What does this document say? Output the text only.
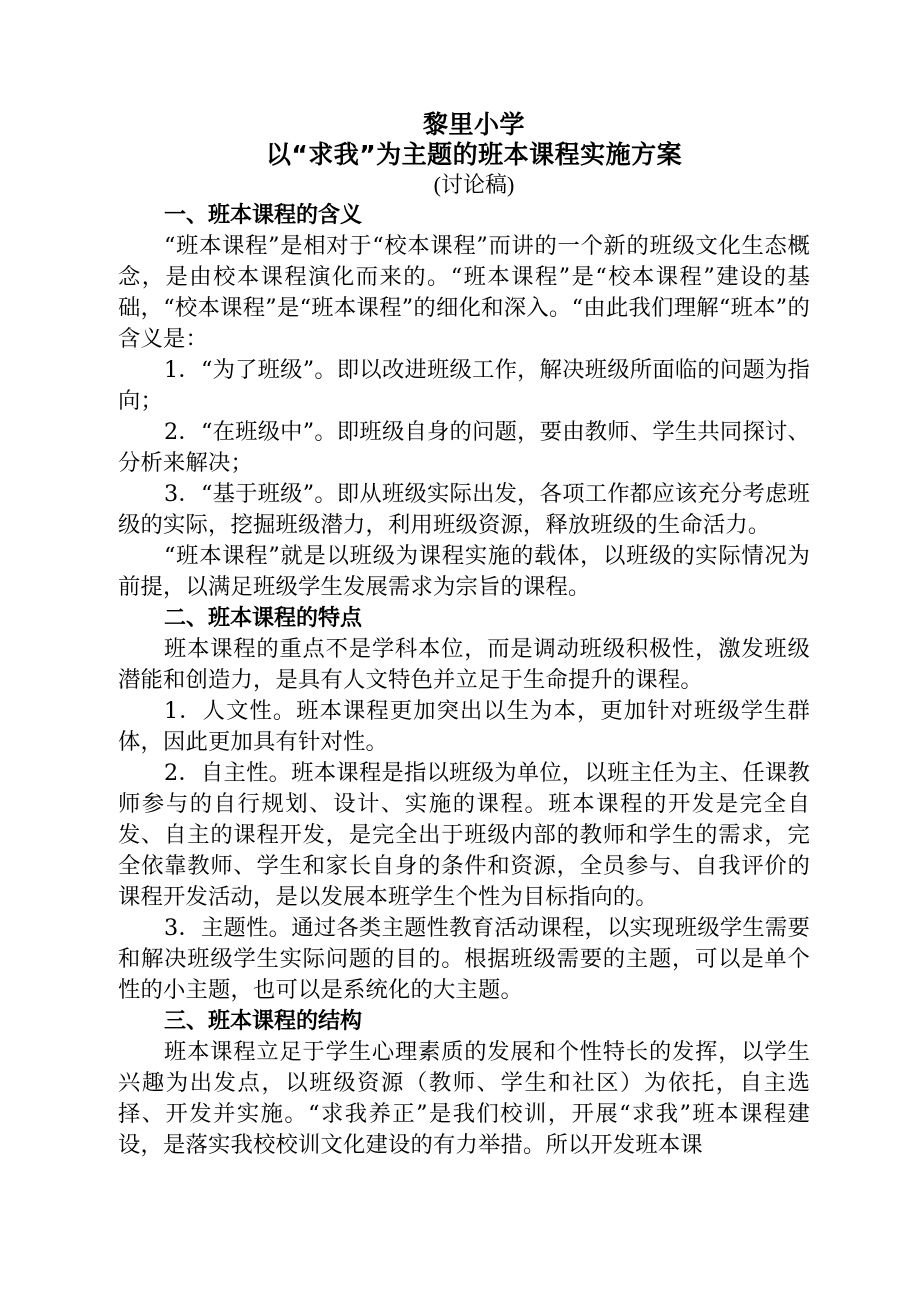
黎里小学
以“求我”为主题的班本课程实施方案

(讨论稿)

一、班本课程的含义

“班本课程”是相对于“校本课程”而讲的一个新的班级文化生态概念，是由校本课程演化而来的。“班本课程”是“校本课程”建设的基础，“校本课程”是“班本课程”的细化和深入。“由此我们理解“班本”的含义是：

1．“为了班级”。即以改进班级工作，解决班级所面临的问题为指向；

2．“在班级中”。即班级自身的问题，要由教师、学生共同探讨、分析来解决；

3．“基于班级”。即从班级实际出发，各项工作都应该充分考虑班级的实际，挖掘班级潜力，利用班级资源，释放班级的生命活力。

“班本课程”就是以班级为课程实施的载体，以班级的实际情况为前提，以满足班级学生发展需求为宗旨的课程。

二、班本课程的特点

班本课程的重点不是学科本位，而是调动班级积极性，激发班级潜能和创造力，是具有人文特色并立足于生命提升的课程。

1．人文性。班本课程更加突出以生为本，更加针对班级学生群体，因此更加具有针对性。

2．自主性。班本课程是指以班级为单位，以班主任为主、任课教师参与的自行规划、设计、实施的课程。班本课程的开发是完全自发、自主的课程开发，是完全出于班级内部的教师和学生的需求，完全依靠教师、学生和家长自身的条件和资源，全员参与、自我评价的课程开发活动，是以发展本班学生个性为目标指向的。

3．主题性。通过各类主题性教育活动课程，以实现班级学生需要和解决班级学生实际问题的目的。根据班级需要的主题，可以是单个性的小主题，也可以是系统化的大主题。

三、班本课程的结构

班本课程立足于学生心理素质的发展和个性特长的发挥，以学生兴趣为出发点，以班级资源（教师、学生和社区）为依托，自主选择、开发并实施。“求我养正”是我们校训，开展“求我”班本课程建设，是落实我校校训文化建设的有力举措。所以开发班本课
